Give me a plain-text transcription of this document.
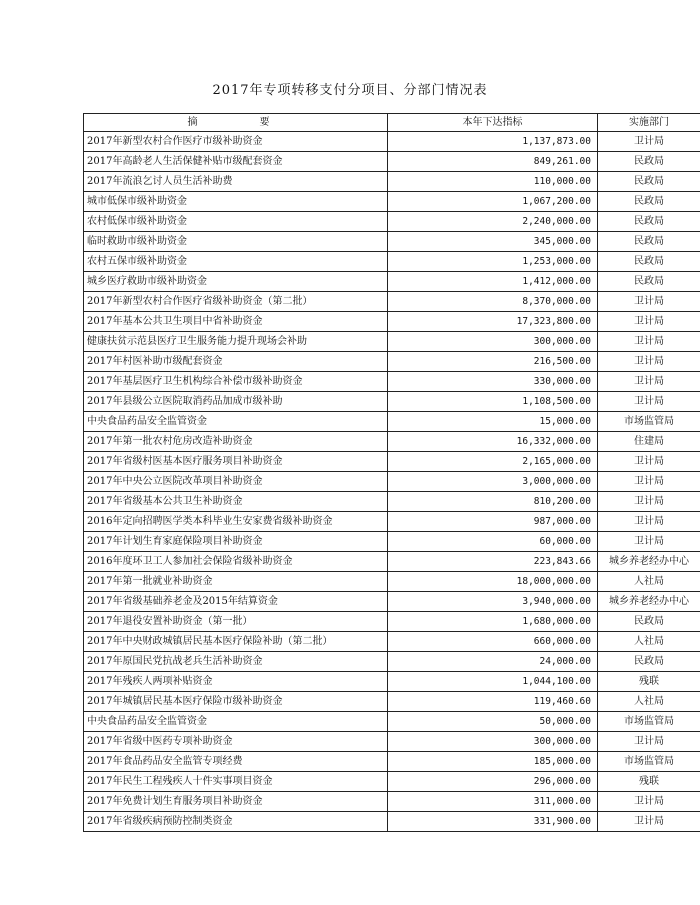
2017年专项转移支付分项目、分部门情况表
摘　　要	本年下达指标	实施部门
2017年新型农村合作医疗市级补助资金	1,137,873.00	卫计局
2017年高龄老人生活保健补贴市级配套资金	849,261.00	民政局
2017年流浪乞讨人员生活补助费	110,000.00	民政局
城市低保市级补助资金	1,067,200.00	民政局
农村低保市级补助资金	2,240,000.00	民政局
临时救助市级补助资金	345,000.00	民政局
农村五保市级补助资金	1,253,000.00	民政局
城乡医疗救助市级补助资金	1,412,000.00	民政局
2017年新型农村合作医疗省级补助资金（第二批）	8,370,000.00	卫计局
2017年基本公共卫生项目中省补助资金	17,323,800.00	卫计局
健康扶贫示范县医疗卫生服务能力提升现场会补助	300,000.00	卫计局
2017年村医补助市级配套资金	216,500.00	卫计局
2017年基层医疗卫生机构综合补偿市级补助资金	330,000.00	卫计局
2017年县级公立医院取消药品加成市级补助	1,108,500.00	卫计局
中央食品药品安全监管资金	15,000.00	市场监管局
2017年第一批农村危房改造补助资金	16,332,000.00	住建局
2017年省级村医基本医疗服务项目补助资金	2,165,000.00	卫计局
2017年中央公立医院改革项目补助资金	3,000,000.00	卫计局
2017年省级基本公共卫生补助资金	810,200.00	卫计局
2016年定向招聘医学类本科毕业生安家费省级补助资金	987,000.00	卫计局
2017年计划生育家庭保险项目补助资金	60,000.00	卫计局
2016年度环卫工人参加社会保险省级补助资金	223,843.66	城乡养老经办中心
2017年第一批就业补助资金	18,000,000.00	人社局
2017年省级基础养老金及2015年结算资金	3,940,000.00	城乡养老经办中心
2017年退役安置补助资金（第一批）	1,680,000.00	民政局
2017年中央财政城镇居民基本医疗保险补助（第二批）	660,000.00	人社局
2017年原国民党抗战老兵生活补助资金	24,000.00	民政局
2017年残疾人两项补贴资金	1,044,100.00	残联
2017年城镇居民基本医疗保险市级补助资金	119,460.60	人社局
中央食品药品安全监管资金	50,000.00	市场监管局
2017年省级中医药专项补助资金	300,000.00	卫计局
2017年食品药品安全监管专项经费	185,000.00	市场监管局
2017年民生工程残疾人十件实事项目资金	296,000.00	残联
2017年免费计划生育服务项目补助资金	311,000.00	卫计局
2017年省级疾病预防控制类资金	331,900.00	卫计局
